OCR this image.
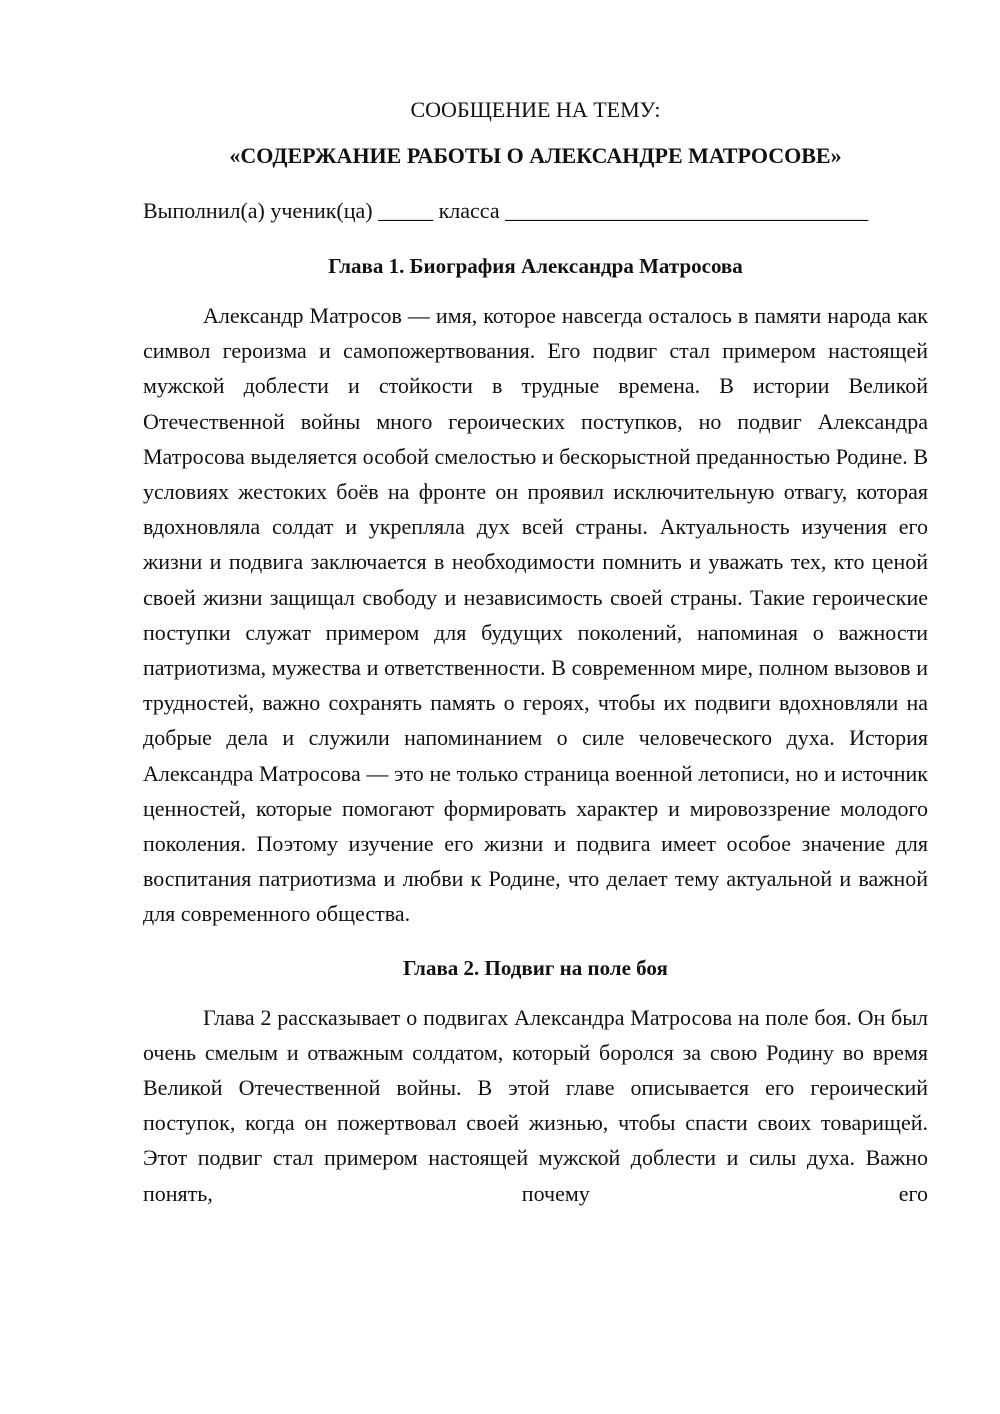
СООБЩЕНИЕ НА ТЕМУ:

«СОДЕРЖАНИЕ РАБОТЫ О АЛЕКСАНДРЕ МАТРОСОВЕ»

Выполнил(а) ученик(ца) _____ класса _________________________________

Глава 1. Биография Александра Матросова

Александр Матросов — имя, которое навсегда осталось в памяти народа как символ героизма и самопожертвования. Его подвиг стал примером настоящей мужской доблести и стойкости в трудные времена. В истории Великой Отечественной войны много героических поступков, но подвиг Александра Матросова выделяется особой смелостью и бескорыстной преданностью Родине. В условиях жестоких боёв на фронте он проявил исключительную отвагу, которая вдохновляла солдат и укрепляла дух всей страны. Актуальность изучения его жизни и подвига заключается в необходимости помнить и уважать тех, кто ценой своей жизни защищал свободу и независимость своей страны. Такие героические поступки служат примером для будущих поколений, напоминая о важности патриотизма, мужества и ответственности. В современном мире, полном вызовов и трудностей, важно сохранять память о героях, чтобы их подвиги вдохновляли на добрые дела и служили напоминанием о силе человеческого духа. История Александра Матросова — это не только страница военной летописи, но и источник ценностей, которые помогают формировать характер и мировоззрение молодого поколения. Поэтому изучение его жизни и подвига имеет особое значение для воспитания патриотизма и любви к Родине, что делает тему актуальной и важной для современного общества.

Глава 2. Подвиг на поле боя

Глава 2 рассказывает о подвигах Александра Матросова на поле боя. Он был очень смелым и отважным солдатом, который боролся за свою Родину во время Великой Отечественной войны. В этой главе описывается его героический поступок, когда он пожертвовал своей жизнью, чтобы спасти своих товарищей. Этот подвиг стал примером настоящей мужской доблести и силы духа. Важно понять, почему его
